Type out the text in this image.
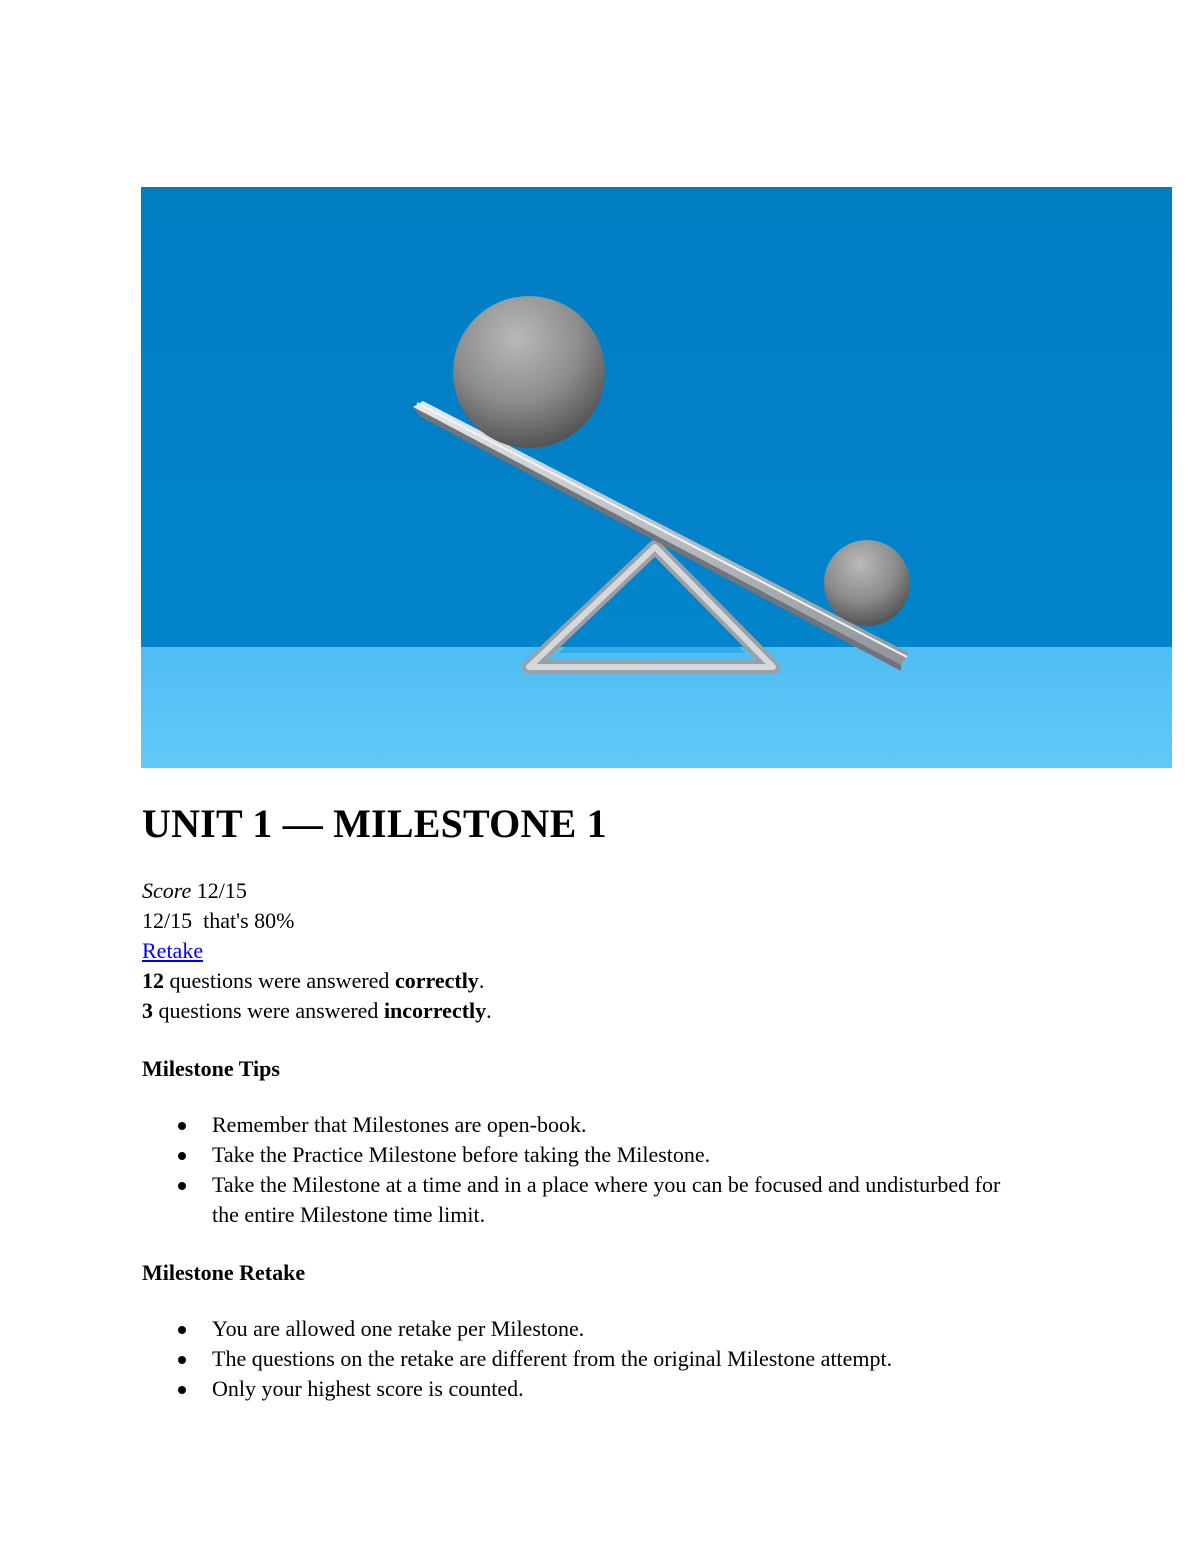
UNIT 1 — MILESTONE 1
Score 12/15
12/15  that's 80%
Retake
12 questions were answered correctly.
3 questions were answered incorrectly.

Milestone Tips

Remember that Milestones are open-book.
Take the Practice Milestone before taking the Milestone.
Take the Milestone at a time and in a place where you can be focused and undisturbed for the entire Milestone time limit.

Milestone Retake

You are allowed one retake per Milestone.
The questions on the retake are different from the original Milestone attempt.
Only your highest score is counted.
